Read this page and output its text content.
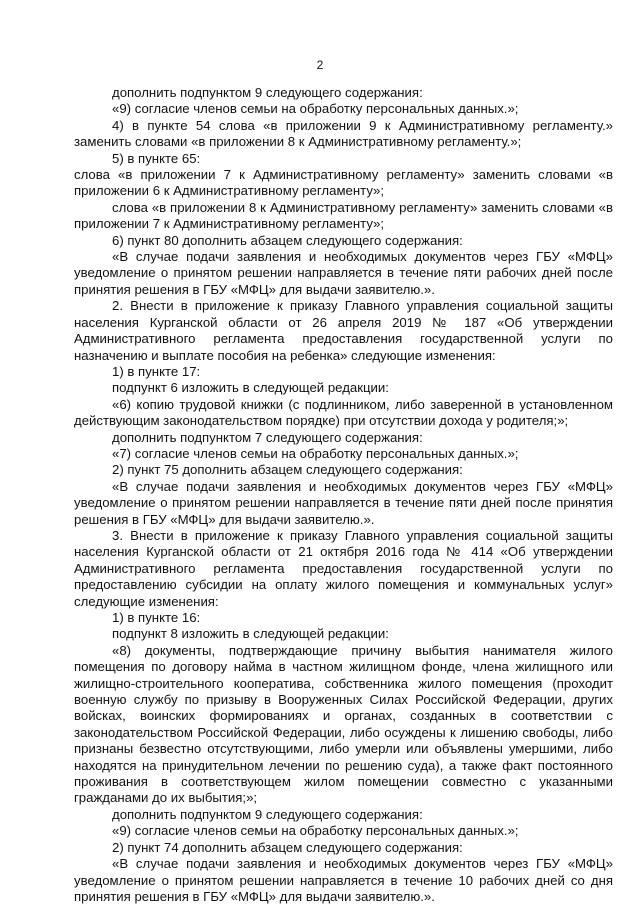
2

дополнить подпунктом 9 следующего содержания:

«9) согласие членов семьи на обработку персональных данных.»;

4) в пункте 54 слова «в приложении 9 к Административному регламенту.» заменить словами «в приложении 8 к Административному регламенту.»;

5) в пункте 65:

слова «в приложении 7 к Административному регламенту» заменить словами «в приложении 6 к Административному регламенту»;

слова «в приложении 8 к Административному регламенту» заменить словами «в приложении 7 к Административному регламенту»;

6) пункт 80 дополнить абзацем следующего содержания:

«В случае подачи заявления и необходимых документов через ГБУ «МФЦ» уведомление о принятом решении направляется в течение пяти рабочих дней после принятия решения в ГБУ «МФЦ» для выдачи заявителю.».

2. Внести в приложение к приказу Главного управления социальной защиты населения Курганской области от 26 апреля 2019 № 187 «Об утверждении Административного регламента предоставления государственной услуги по назначению и выплате пособия на ребенка» следующие изменения:

1) в пункте 17:

подпункт 6 изложить в следующей редакции:

«6) копию трудовой книжки (с подлинником, либо заверенной в установленном действующим законодательством порядке) при отсутствии дохода у родителя;»;

дополнить подпунктом 7 следующего содержания:

«7) согласие членов семьи на обработку персональных данных.»;

2) пункт 75 дополнить абзацем следующего содержания:

«В случае подачи заявления и необходимых документов через ГБУ «МФЦ» уведомление о принятом решении направляется в течение пяти дней после принятия решения в ГБУ «МФЦ» для выдачи заявителю.».

3. Внести в приложение к приказу Главного управления социальной защиты населения Курганской области от 21 октября 2016 года № 414 «Об утверждении Административного регламента предоставления государственной услуги по предоставлению субсидии на оплату жилого помещения и коммунальных услуг» следующие изменения:

1) в пункте 16:

подпункт 8 изложить в следующей редакции:

«8) документы, подтверждающие причину выбытия нанимателя жилого помещения по договору найма в частном жилищном фонде, члена жилищного или жилищно-строительного кооператива, собственника жилого помещения (проходит военную службу по призыву в Вооруженных Силах Российской Федерации, других войсках, воинских формированиях и органах, созданных в соответствии с законодательством Российской Федерации, либо осуждены к лишению свободы, либо признаны безвестно отсутствующими, либо умерли или объявлены умершими, либо находятся на принудительном лечении по решению суда), а также факт постоянного проживания в соответствующем жилом помещении совместно с указанными гражданами до их выбытия;»;

дополнить подпунктом 9 следующего содержания:

«9) согласие членов семьи на обработку персональных данных.»;

2) пункт 74 дополнить абзацем следующего содержания:

«В случае подачи заявления и необходимых документов через ГБУ «МФЦ» уведомление о принятом решении направляется в течение 10 рабочих дней со дня принятия решения в ГБУ «МФЦ» для выдачи заявителю.».
